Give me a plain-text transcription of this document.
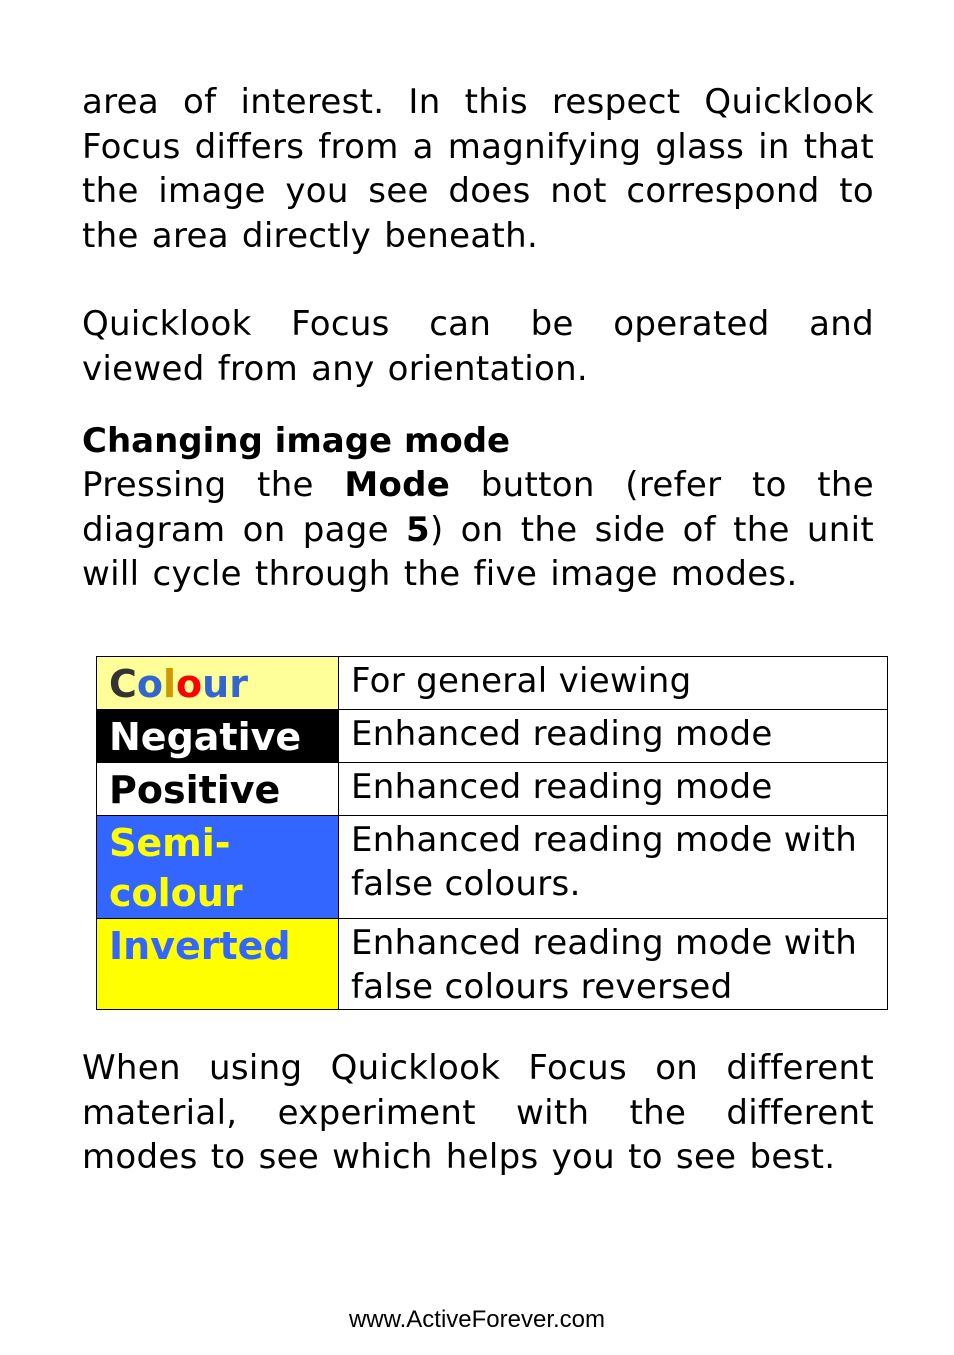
area of interest. In this respect Quicklook Focus differs from a magnifying glass in that the image you see does not correspond to the area directly beneath.

Quicklook Focus can be operated and viewed from any orientation.

Changing image mode

Pressing the Mode button (refer to the diagram on page 5) on the side of the unit will cycle through the five image modes.

Colour	For general viewing
Negative	Enhanced reading mode
Positive	Enhanced reading mode
Semi-
colour	Enhanced reading mode with false colours.
Inverted	Enhanced reading mode with false colours reversed

When using Quicklook Focus on different material, experiment with the different modes to see which helps you to see best.

www.ActiveForever.com
